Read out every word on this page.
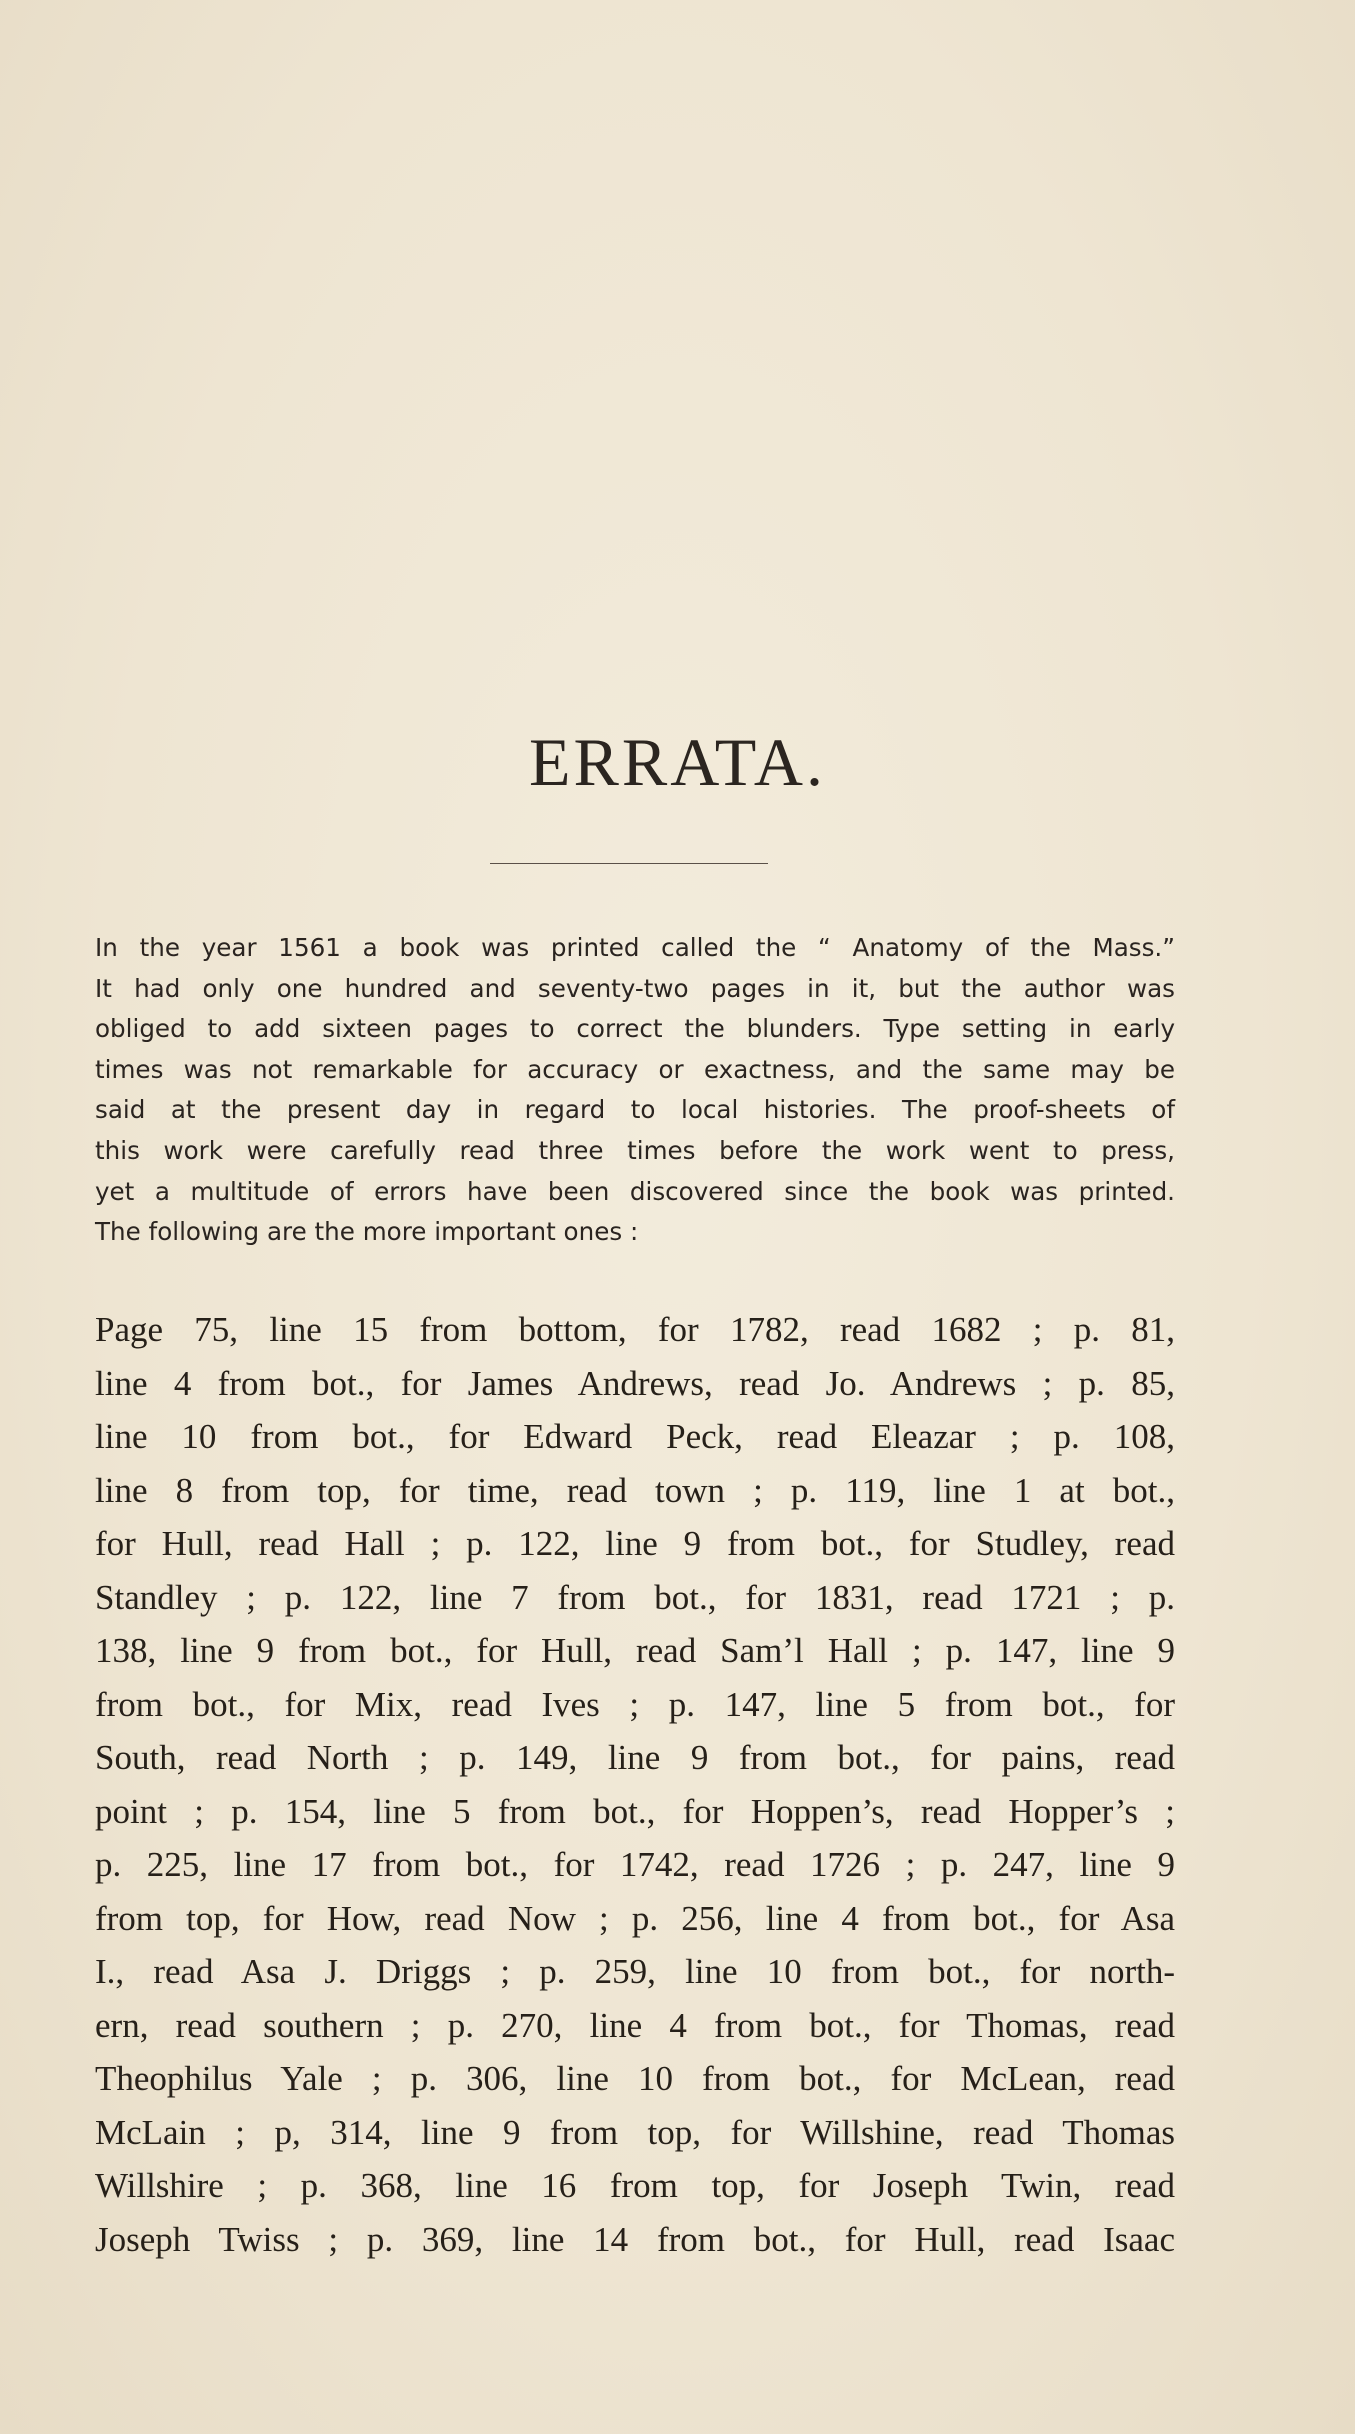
ERRATA.
In the year 1561 a book was printed called the “ Anatomy of the Mass.”
It had only one hundred and seventy-two pages in it, but the author was
obliged to add sixteen pages to correct the blunders. Type setting in early
times was not remarkable for accuracy or exactness, and the same may be
said at the present day in regard to local histories. The proof-sheets of
this work were carefully read three times before the work went to press,
yet a multitude of errors have been discovered since the book was printed.
The following are the more important ones :
Page 75, line 15 from bottom, for 1782, read 1682 ; p. 81,
line 4 from bot., for James Andrews, read Jo. Andrews ; p. 85,
line 10 from bot., for Edward Peck, read Eleazar ; p. 108,
line 8 from top, for time, read town ; p. 119, line 1 at bot.,
for Hull, read Hall ; p. 122, line 9 from bot., for Studley, read
Standley ; p. 122, line 7 from bot., for 1831, read 1721 ; p.
138, line 9 from bot., for Hull, read Sam’l Hall ; p. 147, line 9
from bot., for Mix, read Ives ; p. 147, line 5 from bot., for
South, read North ; p. 149, line 9 from bot., for pains, read
point ; p. 154, line 5 from bot., for Hoppen’s, read Hopper’s ;
p. 225, line 17 from bot., for 1742, read 1726 ; p. 247, line 9
from top, for How, read Now ; p. 256, line 4 from bot., for Asa
I., read Asa J. Driggs ; p. 259, line 10 from bot., for north-
ern, read southern ; p. 270, line 4 from bot., for Thomas, read
Theophilus Yale ; p. 306, line 10 from bot., for McLean, read
McLain ; p, 314, line 9 from top, for Willshine, read Thomas
Willshire ; p. 368, line 16 from top, for Joseph Twin, read
Joseph Twiss ; p. 369, line 14 from bot., for Hull, read Isaac
